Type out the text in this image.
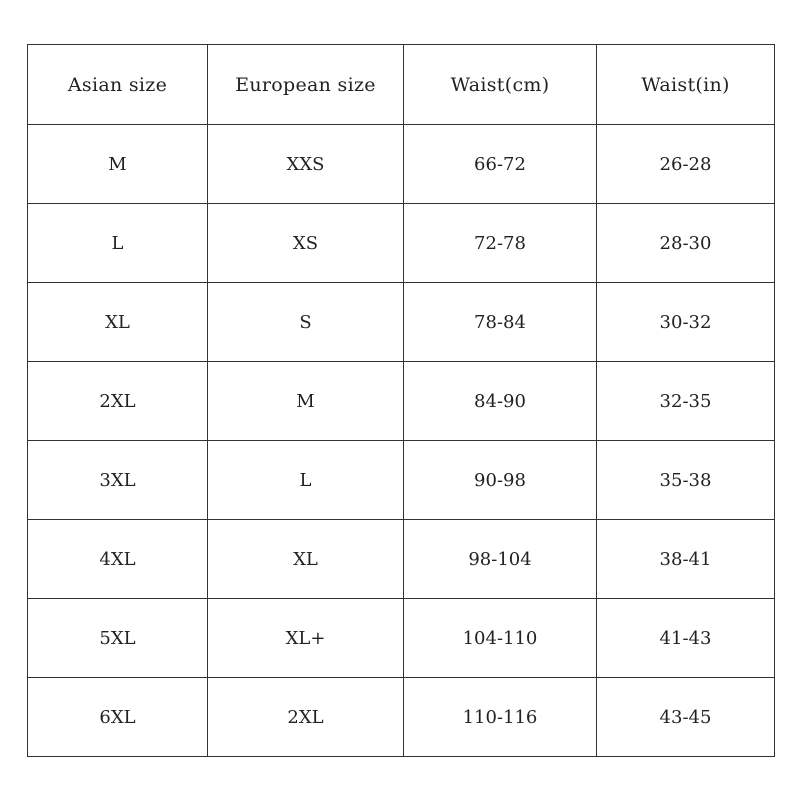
Asian size	European size	Waist(cm)	Waist(in)
M	XXS	66-72	26-28
L	XS	72-78	28-30
XL	S	78-84	30-32
2XL	M	84-90	32-35
3XL	L	90-98	35-38
4XL	XL	98-104	38-41
5XL	XL+	104-110	41-43
6XL	2XL	110-116	43-45
